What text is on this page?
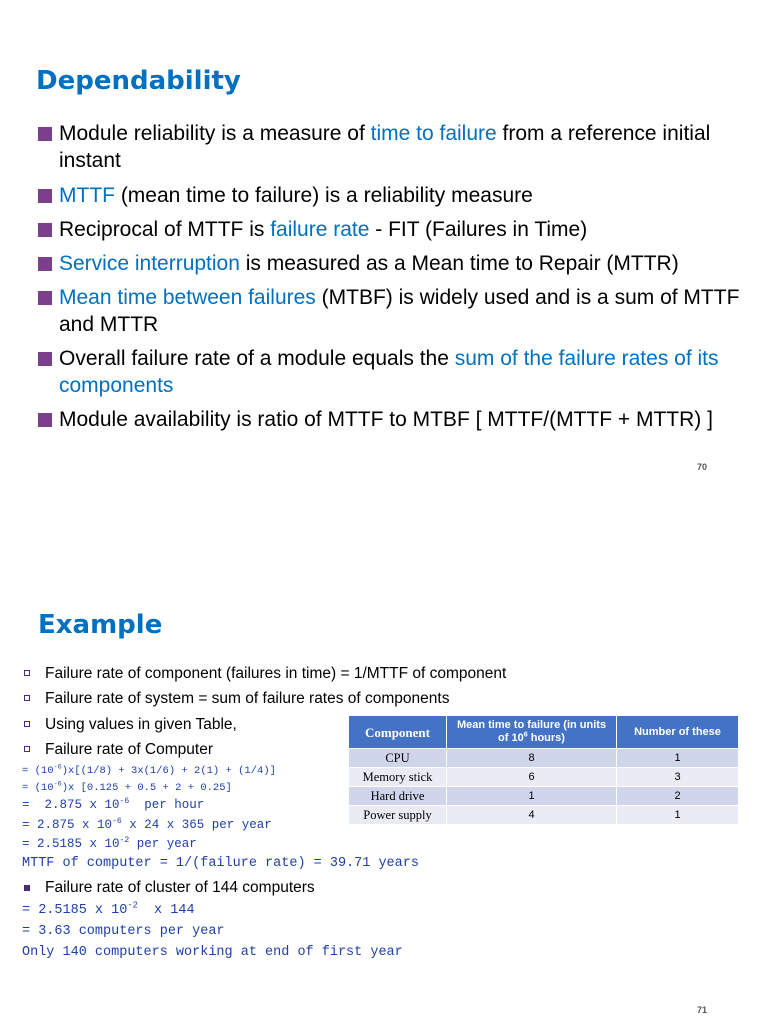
Dependability
Module reliability is a measure of time to failure from a reference initial instant
MTTF (mean time to failure) is a reliability measure
Reciprocal of MTTF is failure rate - FIT (Failures in Time)
Service interruption is measured as a Mean time to Repair (MTTR)
Mean time between failures (MTBF) is widely used and is a sum of MTTF and MTTR
Overall failure rate of a module equals the sum of the failure rates of its components
Module availability is ratio of MTTF to MTBF [ MTTF/(MTTF + MTTR) ]
70
Example
Failure rate of component (failures in time) = 1/MTTF of component
Failure rate of system = sum of failure rates of components
Using values in given Table,
Failure rate of Computer
= $(10^{-6})x[(1/8) + 3x(1/6) + 2(1) + (1/4)]$
= $(10^{-6})x$ [0.125 + 0.5 + 2 + 0.25]
=  2.875 x $10^{-6}$  per hour
= 2.875 x $10^{-6}$ x 24 x 365 per year
= 2.5185 x $10^{-2}$ per year
MTTF of computer = 1/(failure rate) = 39.71 years
Failure rate of cluster of 144 computers
= 2.5185 x $10^{-2}$  x 144
= 3.63 computers per year
Only 140 computers working at end of first year
Component	Mean time to failure (in units of $10^6$ hours)	Number of these
CPU	8	1
Memory stick	6	3
Hard drive	1	2
Power supply	4	1
71
